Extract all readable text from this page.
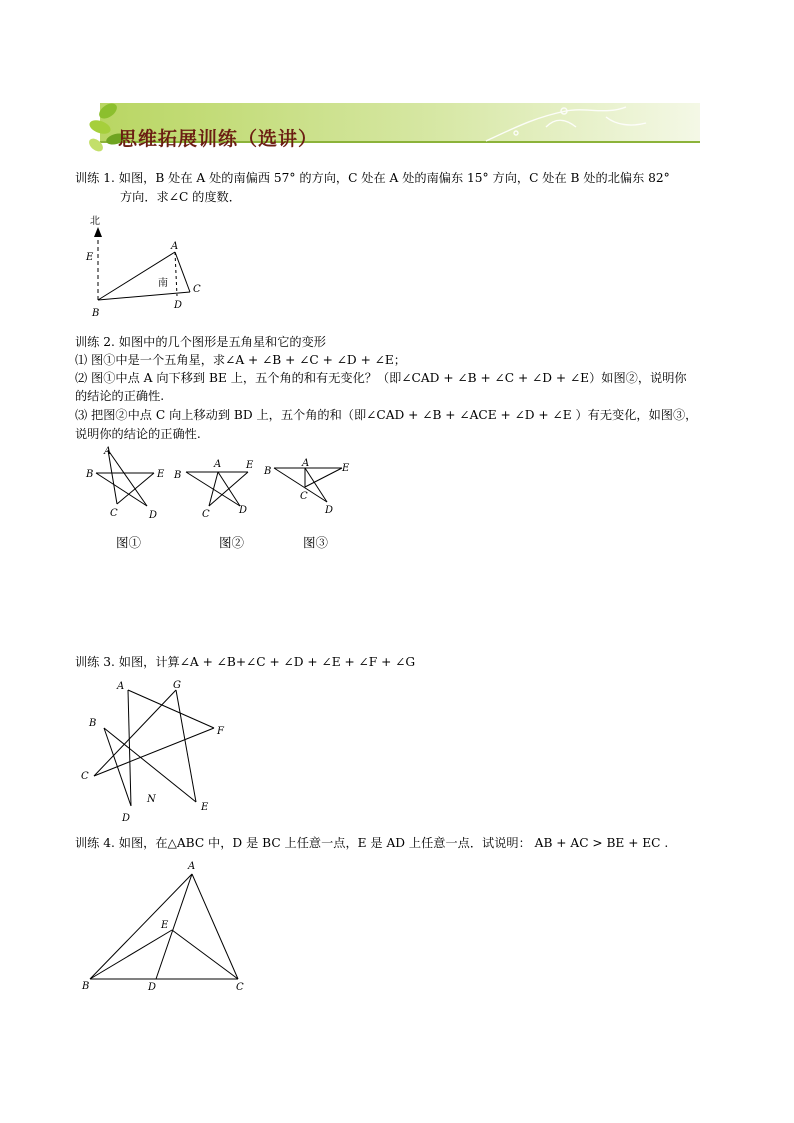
思维拓展训练（选讲）
训练 1. 如图，B 处在 A 处的南偏西 57° 的方向，C 处在 A 处的南偏东 15° 方向，C 处在 B 处的北偏东 82°
方向．求∠C 的度数．
北
E
A
南
C
D
B
训练 2. 如图中的几个图形是五角星和它的变形
⑴ 图①中是一个五角星，求∠A + ∠B + ∠C + ∠D + ∠E；
⑵ 图①中点 A 向下移到 BE 上，五个角的和有无变化？（即∠CAD + ∠B + ∠C + ∠D + ∠E）如图②，说明你
的结论的正确性.
⑶ 把图②中点 C 向上移动到 BD 上，五个角的和（即∠CAD + ∠B + ∠ACE + ∠D + ∠E ）有无变化，如图③，
说明你的结论的正确性.
A
B	E
C	D
A
B
E
C	D
A
B	E
C
D
图①	图②	图③
训练 3. 如图，计算∠A + ∠B+∠C + ∠D + ∠E + ∠F + ∠G
A	G
B
F
C
N
E
D
训练 4. 如图，在△ABC 中，D 是 BC 上任意一点，E 是 AD 上任意一点．试说明： AB + AC > BE + EC .
A
E
B	D	C
